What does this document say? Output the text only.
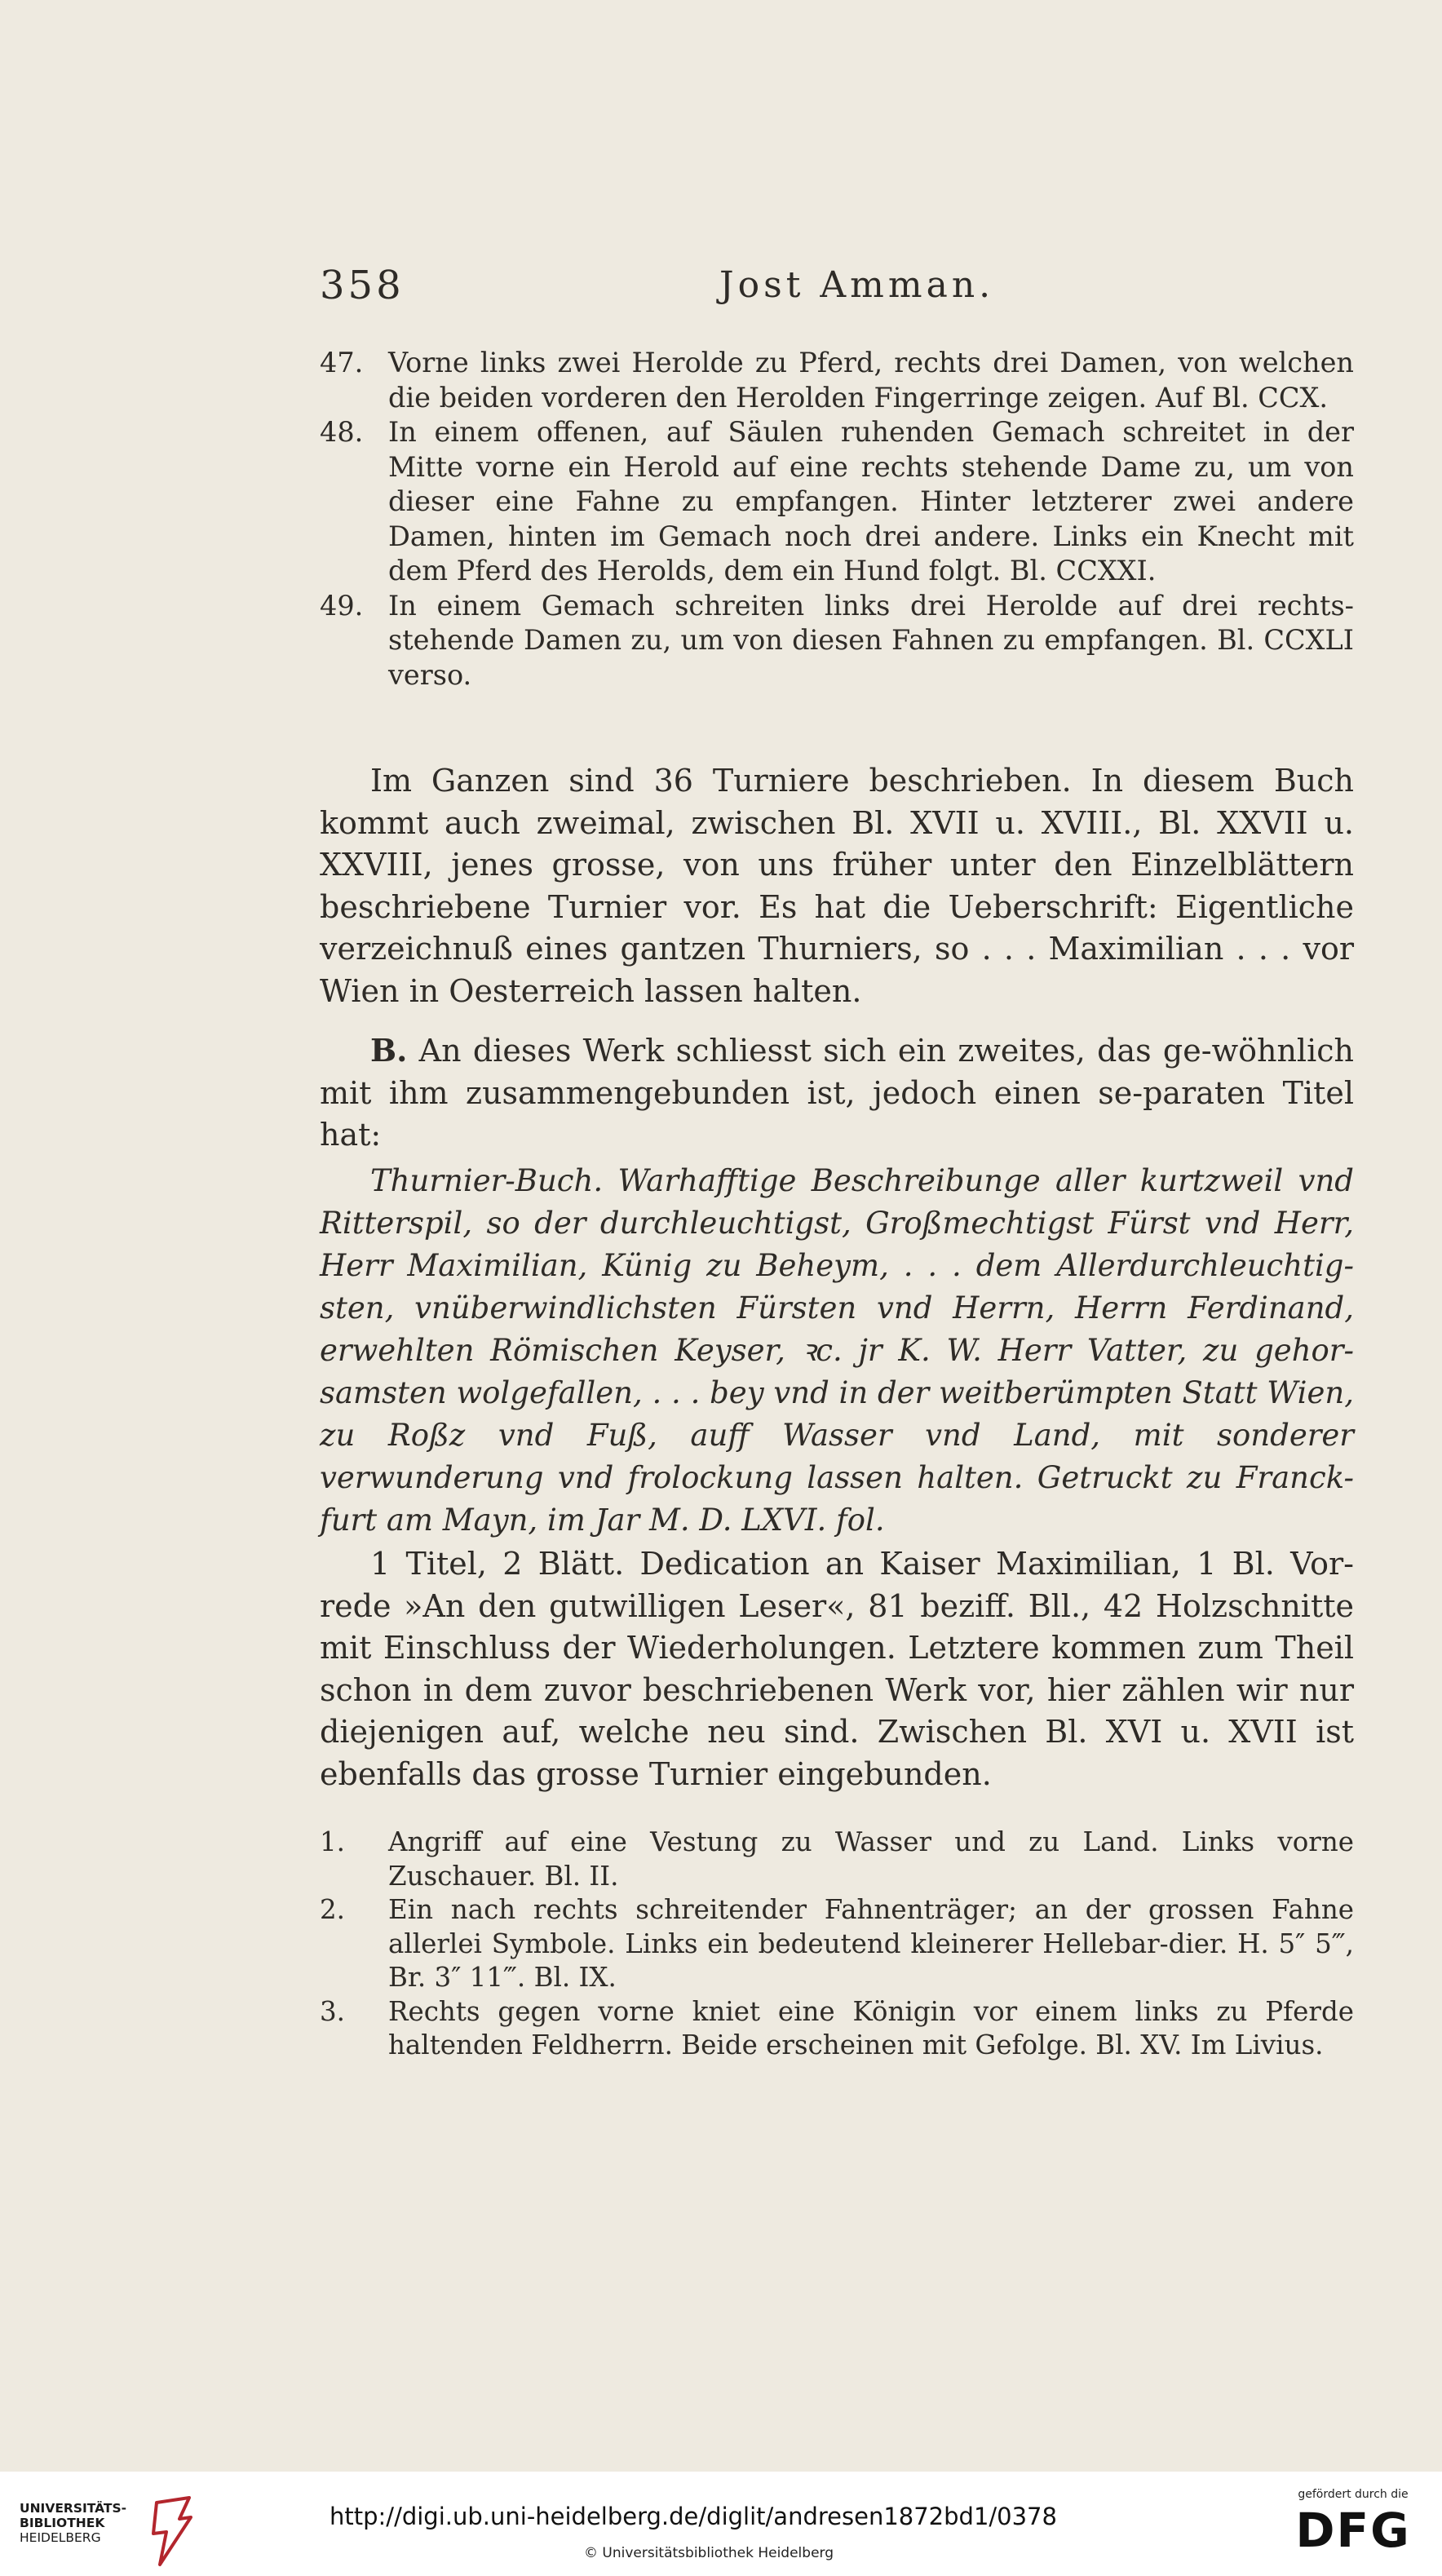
358	Jost Amman.
47. Vorne links zwei Herolde zu Pferd, rechts drei Damen, von welchen die beiden vorderen den Herolden Fingerringe zeigen. Auf Bl. CCX.
48. In einem offenen, auf Säulen ruhenden Gemach schreitet in der Mitte vorne ein Herold auf eine rechts stehende Dame zu, um von dieser eine Fahne zu empfangen. Hinter letzterer zwei andere Damen, hinten im Gemach noch drei andere. Links ein Knecht mit dem Pferd des Herolds, dem ein Hund folgt. Bl. CCXXI.
49. In einem Gemach schreiten links drei Herolde auf drei rechts-stehende Damen zu, um von diesen Fahnen zu empfangen. Bl. CCXLI verso.

Im Ganzen sind 36 Turniere beschrieben. In diesem Buch kommt auch zweimal, zwischen Bl. XVII u. XVIII., Bl. XXVII u. XXVIII, jenes grosse, von uns früher unter den Einzelblättern beschriebene Turnier vor. Es hat die Ueberschrift: Eigentliche verzeichnuß eines gantzen Thurniers, so . . . Maximilian . . . vor Wien in Oesterreich lassen halten.

B. An dieses Werk schliesst sich ein zweites, das ge-wöhnlich mit ihm zusammengebunden ist, jedoch einen se-paraten Titel hat:

Thurnier-Buch. Warhafftige Beschreibunge aller kurtzweil vnd Ritterspil, so der durchleuchtigst, Großmechtigst Fürst vnd Herr, Herr Maximilian, Künig zu Beheym, . . . dem Allerdurchleuchtig-sten, vnüberwindlichsten Fürsten vnd Herrn, Herrn Ferdinand, erwehlten Römischen Keyser, ꝛc. jr K. W. Herr Vatter, zu gehor-samsten wolgefallen, . . . bey vnd in der weitberümpten Statt Wien, zu Roßz vnd Fuß, auff Wasser vnd Land, mit sonderer verwunderung vnd frolockung lassen halten. Getruckt zu Franck-furt am Mayn, im Jar M. D. LXVI. fol.

1 Titel, 2 Blätt. Dedication an Kaiser Maximilian, 1 Bl. Vor-rede »An den gutwilligen Leser«, 81 beziff. Bll., 42 Holzschnitte mit Einschluss der Wiederholungen. Letztere kommen zum Theil schon in dem zuvor beschriebenen Werk vor, hier zählen wir nur diejenigen auf, welche neu sind. Zwischen Bl. XVI u. XVII ist ebenfalls das grosse Turnier eingebunden.

1. Angriff auf eine Vestung zu Wasser und zu Land. Links vorne Zuschauer. Bl. II.
2. Ein nach rechts schreitender Fahnenträger; an der grossen Fahne allerlei Symbole. Links ein bedeutend kleinerer Hellebar-dier. H. 5″ 5‴, Br. 3″ 11‴. Bl. IX.
3. Rechts gegen vorne kniet eine Königin vor einem links zu Pferde haltenden Feldherrn. Beide erscheinen mit Gefolge. Bl. XV. Im Livius.
UNIVERSITÄTS-
BIBLIOTHEK
HEIDELBERG
http://digi.ub.uni-heidelberg.de/diglit/andresen1872bd1/0378
© Universitätsbibliothek Heidelberg
gefördert durch die
DFG
